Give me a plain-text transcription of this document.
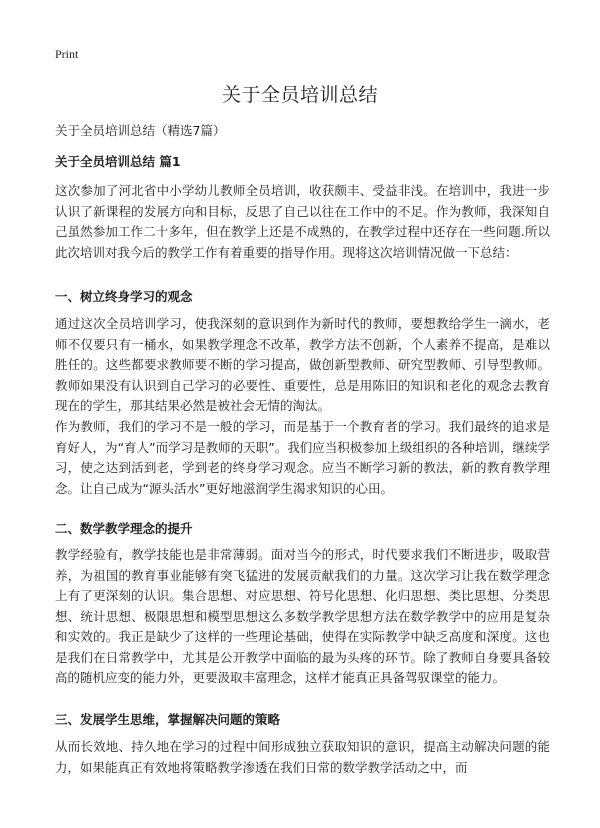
Print
关于全员培训总结

关于全员培训总结（精选7篇）

关于全员培训总结 篇1

这次参加了河北省中小学幼儿教师全员培训，收获颇丰、受益非浅。在培训中，我进一步认识了新课程的发展方向和目标，反思了自己以往在工作中的不足。作为教师，我深知自己虽然参加工作二十多年，但在教学上还是不成熟的，在教学过程中还存在一些问题.所以此次培训对我今后的教学工作有着重要的指导作用。现将这次培训情况做一下总结：

一、树立终身学习的观念

通过这次全员培训学习，使我深刻的意识到作为新时代的教师，要想教给学生一滴水，老师不仅要只有一桶水，如果教学理念不改革，教学方法不创新，个人素养不提高，是难以胜任的。这些都要求教师要不断的学习提高，做创新型教师、研究型教师、引导型教师。教师如果没有认识到自己学习的必要性、重要性，总是用陈旧的知识和老化的观念去教育现在的学生，那其结果必然是被社会无情的淘汰。

作为教师，我们的学习不是一般的学习，而是基于一个教育者的学习。我们最终的追求是育好人，为“育人”而学习是教师的天职”。我们应当积极参加上级组织的各种培训，继续学习，使之达到活到老，学到老的终身学习观念。应当不断学习新的教法，新的教育教学理念。让自己成为“源头活水”更好地滋润学生渴求知识的心田。

二、数学教学理念的提升

教学经验有，教学技能也是非常薄弱。面对当今的形式，时代要求我们不断进步，吸取营养，为祖国的教育事业能够有突飞猛进的发展贡献我们的力量。这次学习让我在数学理念上有了更深刻的认识。集合思想、对应思想、符号化思想、化归思想、类比思想、分类思想、统计思想、极限思想和模型思想这么多数学教学思想方法在数学教学中的应用是复杂和实效的。我正是缺少了这样的一些理论基础，使得在实际教学中缺乏高度和深度。这也是我们在日常教学中，尤其是公开教学中面临的最为头疼的环节。除了教师自身要具备较高的随机应变的能力外，更要汲取丰富理念，这样才能真正具备驾驭课堂的能力。

三、发展学生思维，掌握解决问题的策略

从而长效地、持久地在学习的过程中间形成独立获取知识的意识，提高主动解决问题的能力，如果能真正有效地将策略教学渗透在我们日常的数学教学活动之中，而
